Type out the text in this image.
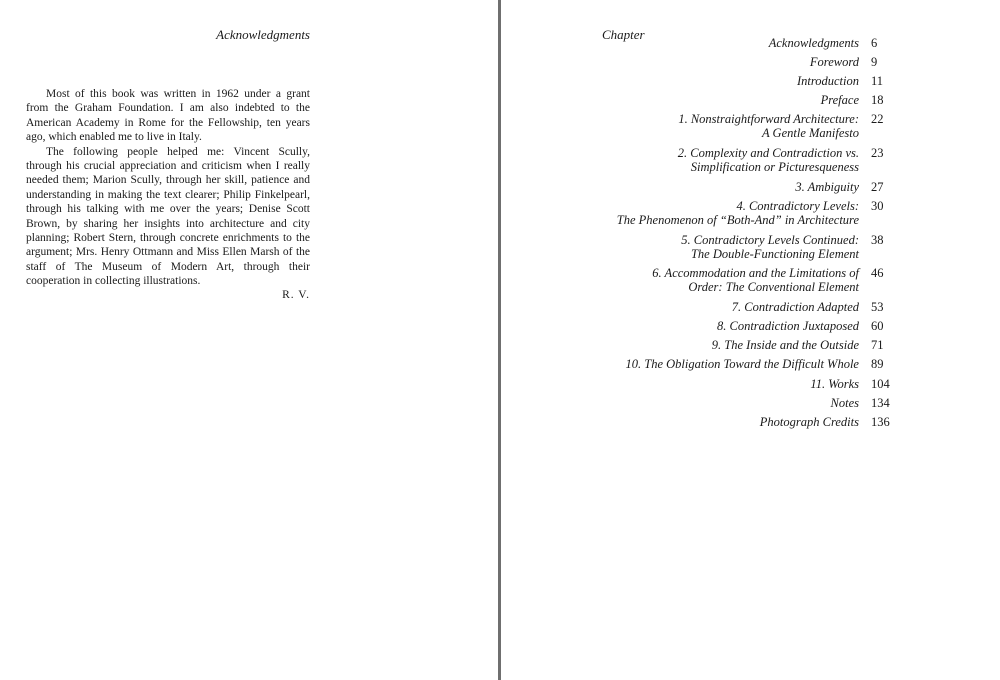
Acknowledgments

Most of this book was written in 1962 under a grant from the Graham Foundation. I am also indebted to the American Academy in Rome for the Fellowship, ten years ago, which enabled me to live in Italy.

The following people helped me: Vincent Scully, through his crucial appreciation and criticism when I really needed them; Marion Scully, through her skill, patience and understanding in making the text clearer; Philip Finkelpearl, through his talking with me over the years; Denise Scott Brown, by sharing her insights into architecture and city planning; Robert Stern, through concrete enrichments to the argument; Mrs. Henry Ottmann and Miss Ellen Marsh of the staff of The Museum of Modern Art, through their cooperation in collecting illustrations.

R. V.
Chapter
Acknowledgments 6
Foreword 9
Introduction 11
Preface 18
1. Nonstraightforward Architecture:
A Gentle Manifesto
22
2. Complexity and Contradiction vs.
Simplification or Picturesqueness
23
3. Ambiguity 27
4. Contradictory Levels:
The Phenomenon of “Both-And” in Architecture
30
5. Contradictory Levels Continued:
The Double-Functioning Element
38
6. Accommodation and the Limitations of
Order: The Conventional Element
46
7. Contradiction Adapted 53
8. Contradiction Juxtaposed 60
9. The Inside and the Outside 71
10. The Obligation Toward the Difficult Whole 89
11. Works 104
Notes 134
Photograph Credits 136
